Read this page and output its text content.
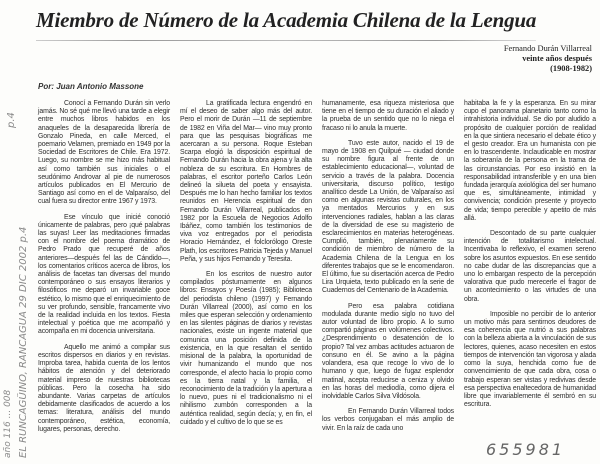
Miembro de Número de la Academia Chilena de la Lengua
Fernando Durán Villarreal
veinte años después
(1908-1982)
Por: Juan Antonio Massone

Conocí a Fernando Durán sin verlo jamás. No sé qué me llevó una tarde a elegir entre muchos libros habidos en los anaqueles de la desaparecida librería de Gonzalo Pineda, en calle Merced, el poemario Velamen, premiado en 1949 por la Sociedad de Escritores de Chile. Era 1972. Luego, su nombre se me hizo más habitual así como también sus iniciales o el seudónimo Androvar al pie de numerosos artículos publicados en El Mercurio de Santiago así como en el de Valparaíso, del cual fuera su director entre 1967 y 1973.

Ese vínculo que inicié conoció únicamente de palabras, pero ¡qué palabras las suyas! Leer las meditaciones firmadas con el nombre del poema dramático de Pedro Prado que recuperé de años anteriores—después fel las de Cándido—, los comentarios críticos acerca de libros, los análisis de facetas tan diversas del mundo contemporáneo o sus ensayos literarios y filosóficos me deparó un invariable goce estético, lo mismo que el enriquecimiento de su ver profundo, sensible, francamente vivo de la realidad incluida en los textos. Fiesta intelectual y poética que me acompañó y acompaña en mi docencia universitaria.

Aquello me animó a compilar sus escritos dispersos en diarios y en revistas. Improba tarea, habida cuenta de los lentos hábitos de atención y del deteriorado material impreso de nuestras bibliotecas públicas. Pero la cosecha ha sido abundante. Varias carpetas de artículos debidamente clasificados de acuerdo a los temas: literatura, análisis del mundo contemporáneo, estética, economía, lugares, personas, derecho.

La gratificada lectura engendró en mí el deseo de saber algo más del autor. Pero el morir de Durán —11 de septiembre de 1982 en Viña del Mar— vino muy pronto para que las pesquisas biográficas me acercaran a su persona. Roque Esteban Scarpa elogió la disposición espiritual de Fernando Durán hacia la obra ajena y la alta nobleza de su escritura. En Hombres de palabras, el escritor porteño Carlos León delineó la silueta del poeta y ensayista. Después me lo han hecho familiar los textos reunidos en Herencia espiritual de don Fernando Durán Villarreal, publicados en 1982 por la Escuela de Negocios Adolfo Ibáñez, como también los testimonios de viva voz entregados por el periodista Horacio Hernández, el folclorólogo Oreste Plath, los escritores Patricia Tejeda y Manuel Peña, y sus hijos Fernando y Teresita.

En los escritos de nuestro autor compilados póstumamente en algunos libros: Ensayos y Poesía (1985); Biblioteca del periodista chileno (1997) y Fernando Durán Villarreal (2000), así como en los miles que esperan selección y ordenamiento en las silentes páginas de diarios y revistas nacionales, existe un ingente material que comunica una posición definida de la existencia, en la que resaltan el sentido misional de la palabra, la oportunidad de vivir humanizando el mundo que nos corresponde, el afecto hacia lo propio como es la tierra natal y la familia, el reconocimiento de la tradición y la apertura a lo nuevo, pues ni el tradicionalismo ni el nihilismo zumbón corresponden a la auténtica realidad, según decía; y, en fin, el cuidado y el cultivo de lo que se es

humanamente, esa riqueza misteriosa que tiene en el tiempo de su duración el aliado y la prueba de un sentido que no lo niega el fracaso ni lo anula la muerte.

Tuvo este autor, nacido el 19 de mayo de 1908 en Quilpué — ciudad donde su nombre figura al frente de un establecimiento educacional—, voluntad de servicio a través de la palabra. Docencia universitaria, discurso político, testigo analítico desde La Unión, de Valparaíso así como en algunas revistas culturales, en los ya mentados Mercurios y en sus intervenciones radiales, hablan a las claras de la diversidad de ese su magisterio de esclarecimientos en materias heterogéneas. Cumplió, también, plenariamente su condición de miembro de número de la Academia Chilena de la Lengua en los diferentes trabajos que se le encomendaron. El último, fue su disertación acerca de Pedro Lira Urquieta, texto publicado en la serie de Cuadernos del Centenario de la Academia.

Pero esa palabra cotidiana modulada durante medio siglo no tuvo del autor voluntad de libro propio. A lo sumo compartió páginas en volúmenes colectivos. ¿Desprendimiento o desatención de lo propio? Tal vez ambas actitudes actuaron de consuno en él. Se avino a la página volandera, esa que recoge lo vivo de lo humano y que, luego de fugaz esplendor matinal, acepta reducirse a ceniza y olvido en las horas del mediodía, como dijera el inolvidable Carlos Silva Vildósola.

En Fernando Durán Villarreal todos los verbos conjugaban el más amplio de vivir. En la raíz de cada uno

habitaba la fe y la esperanza. En su mirar cupo el panorama planetario tanto como la intrahistoria individual. Se dio por aludido a propósito de cualquier porción de realidad en la que sintiera necesario el debate ético y el gesto creador. Era un humanista con pie en lo trascendente. Inclaudicable en mostrar la soberanía de la persona en la trama de las circunstancias. Por eso insistió en la responsabilidad intransferible y en una bien fundada jerarquía axiológica del ser humano que es, simultáneamente, intimidad y convivencia; condición presente y proyecto de vida; tiempo perecible y apetito de más allá.

Descontado de su parte cualquier intención de totalitarismo intelectual. Incentivaba lo reflexivo, el examen sereno sobre los asuntos expuestos. En ese sentido no cabe dudar de las discrepancias que a uno lo embargan respecto de la percepción valorativa que pudo merecerle el fragor de un acontecimiento o las virtudes de una obra.

Imposible no percibir de lo anterior un motivo más para sentirnos deudores de esa coherencia que nutrió a sus palabras con la belleza abierta a la vinculación de sus lectores, quienes, acaso necesiten en estos tiempos de intervención tan vigorosa y alada como la suya, henchida como fue de convencimiento de que cada obra, cosa o trabajo esperan ser vistas y redivivas desde esa perspectiva enaltecedora de humanidad libre que invariablemente él sembró en su escritura.

año 116 ... 008 EL RUNCAGÜINO, RANCAGUA 29 DIC 2002 p.4
p.4
655981
